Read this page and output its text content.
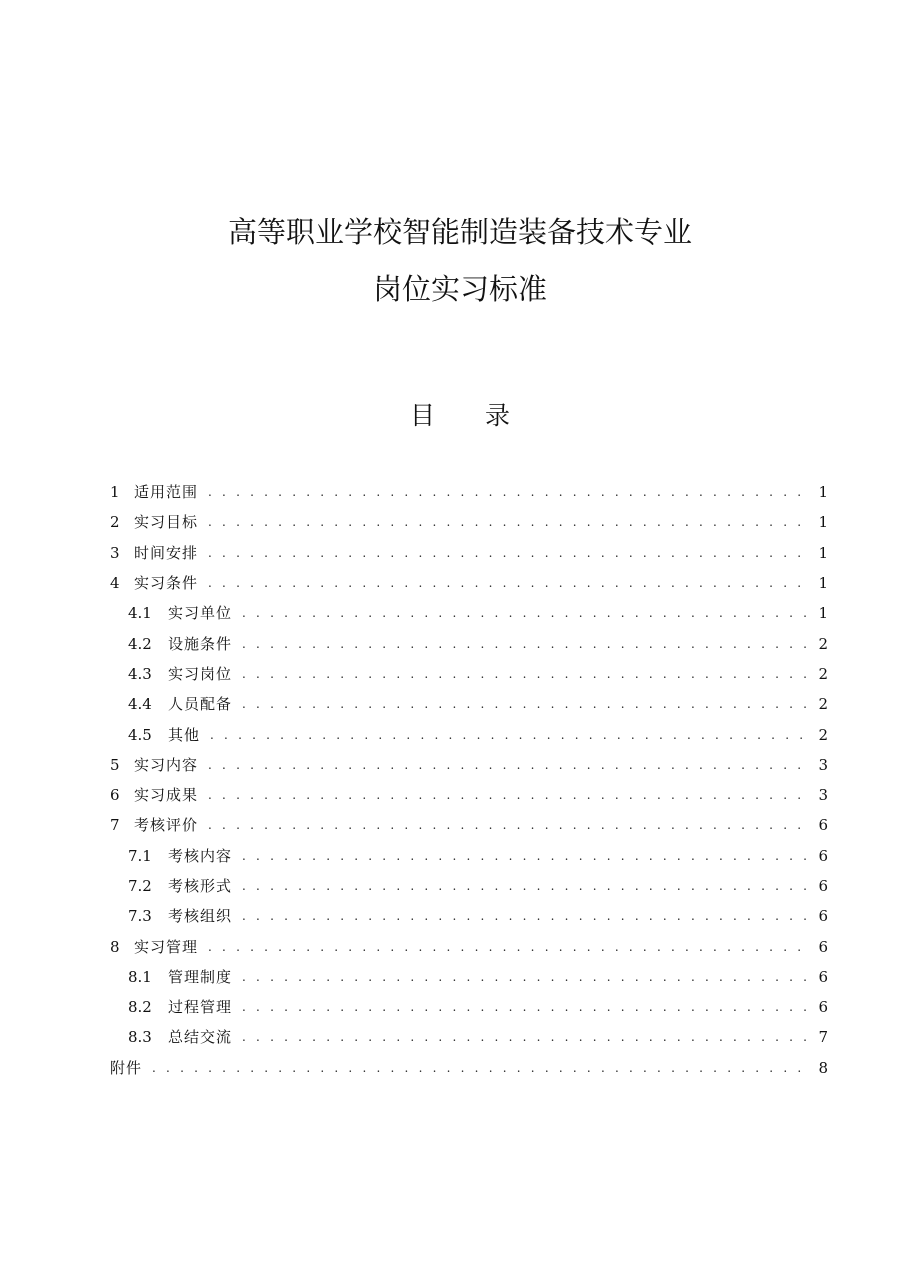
高等职业学校智能制造装备技术专业
岗位实习标准
目　　录
1 适用范围 . . .	1
2 实习目标 . . .	1
3 时间安排 . . .	1
4 实习条件 . . .	1
4.1	实习单位 . . .	1
4.2	设施条件 . . .	2
4.3	实习岗位 . . .	2
4.4	人员配备 . . .	2
4.5	其他 . . .	2
5 实习内容 . . .	3
6 实习成果 . . .	3
7 考核评价 . . .	6
7.1	考核内容 . . .	6
7.2	考核形式 . . .	6
7.3	考核组织 . . .	6
8 实习管理 . . .	6
8.1	管理制度 . . .	6
8.2	过程管理 . . .	6
8.3	总结交流 . . .	7
附件 . . .	8
